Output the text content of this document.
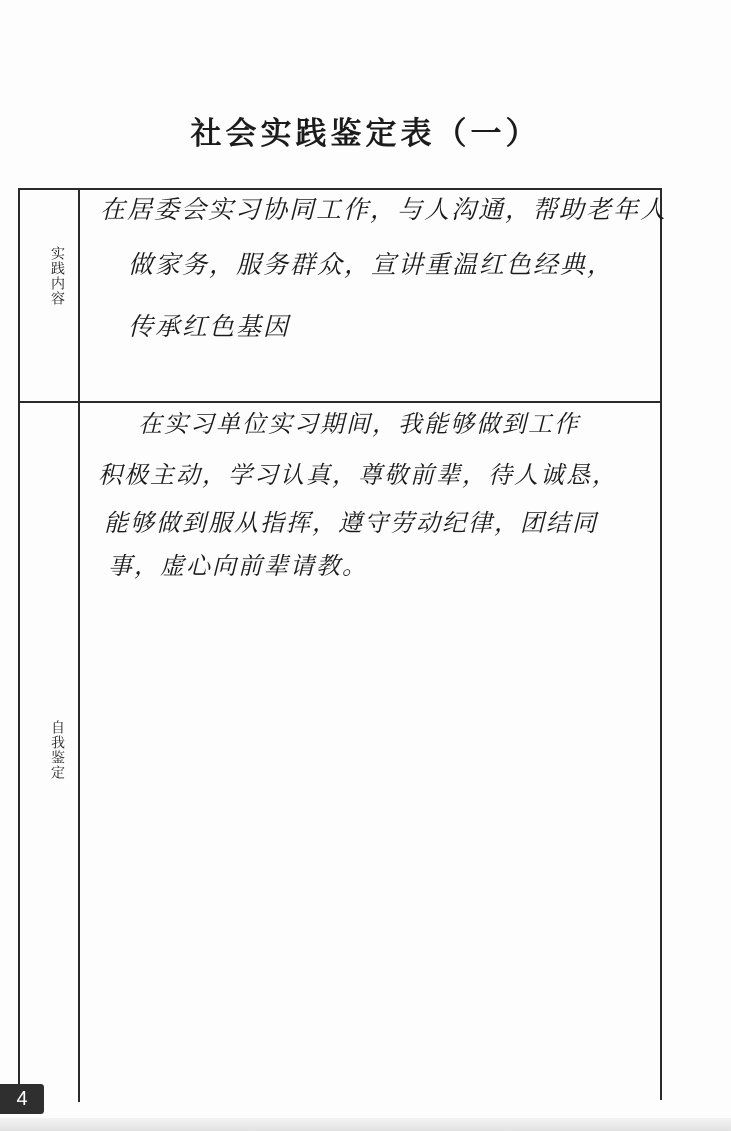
社会实践鉴定表（一）
实践内容
在居委会实习协同工作，与人沟通，帮助老年人
做家务，服务群众，宣讲重温红色经典，
传承红色基因
自我鉴定
在实习单位实习期间，我能够做到工作
积极主动，学习认真，尊敬前辈，待人诚恳，
能够做到服从指挥，遵守劳动纪律，团结同
事，虚心向前辈请教。
4
